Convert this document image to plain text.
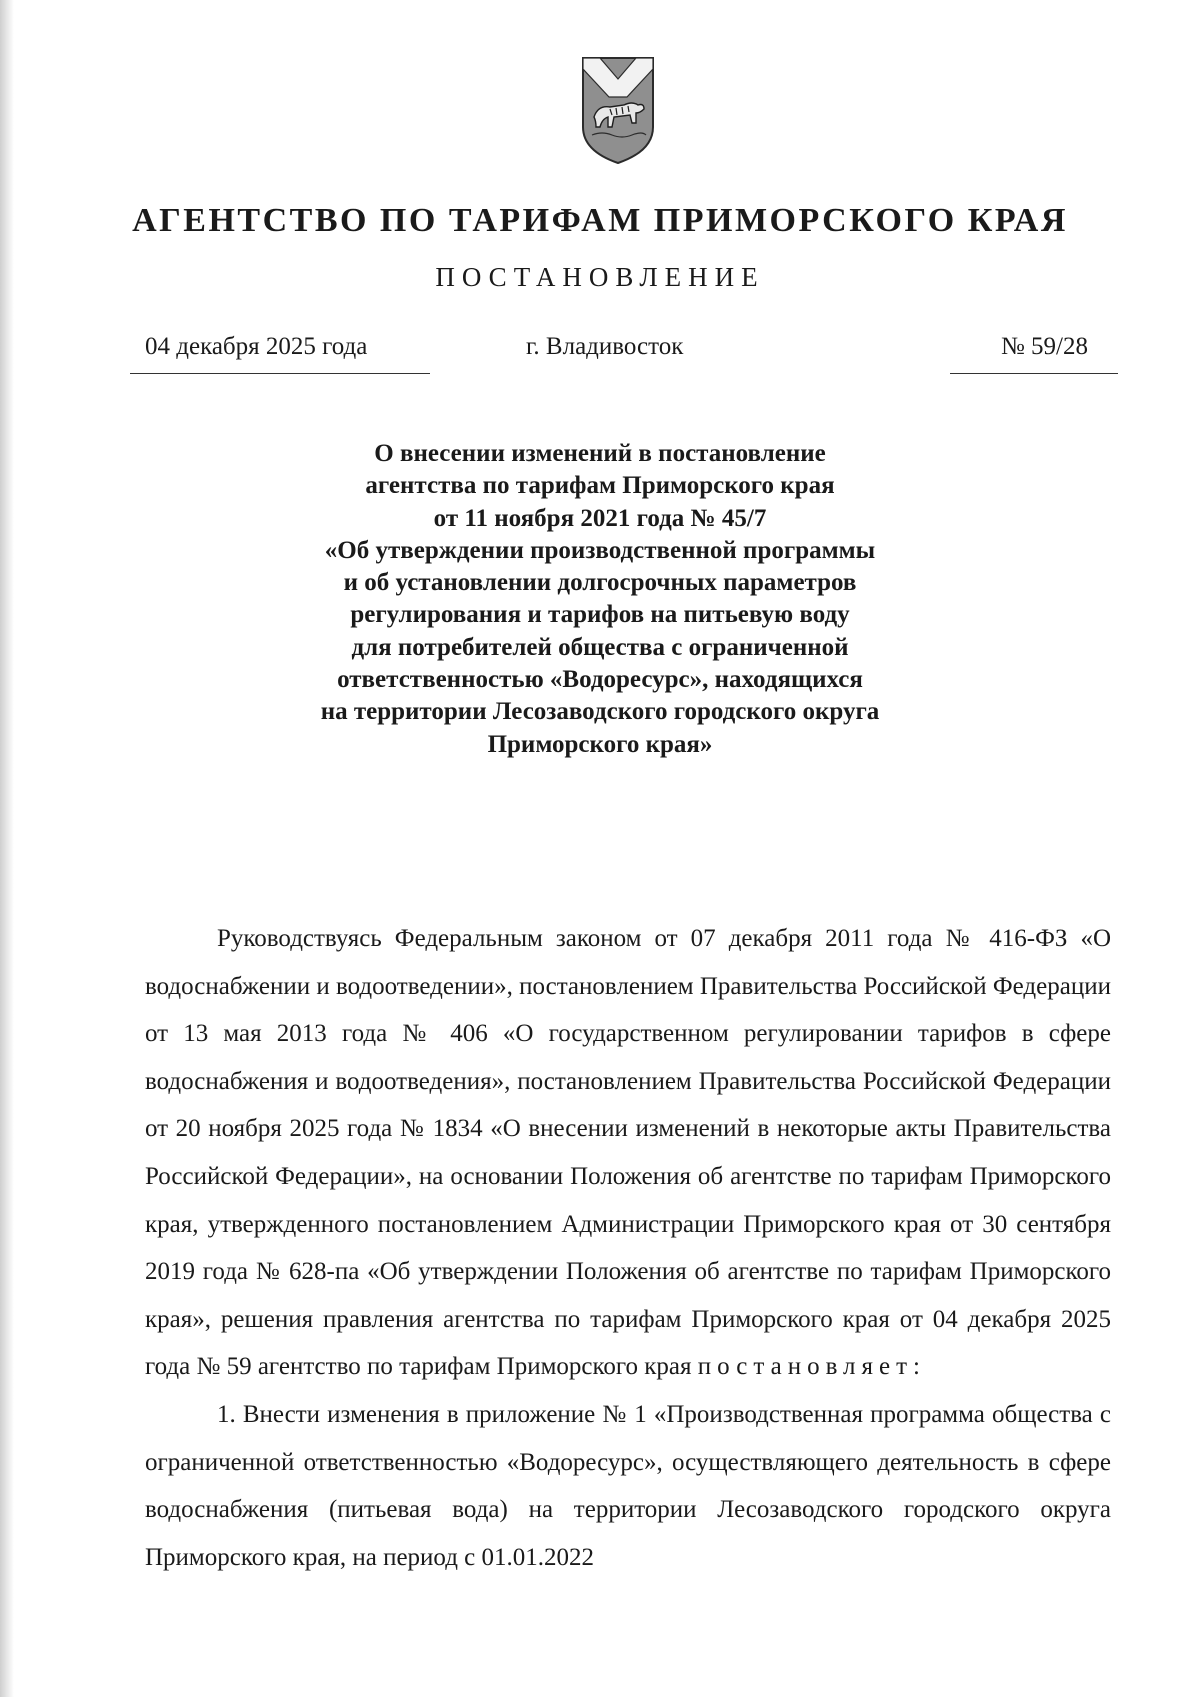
АГЕНТСТВО ПО ТАРИФАМ ПРИМОРСКОГО КРАЯ
ПОСТАНОВЛЕНИЕ
04 декабря 2025 года	г. Владивосток	№ 59/28
О внесении изменений в постановление
агентства по тарифам Приморского края
от 11 ноября 2021 года № 45/7
«Об утверждении производственной программы
и об установлении долгосрочных параметров
регулирования и тарифов на питьевую воду
для потребителей общества с ограниченной
ответственностью «Водоресурс», находящихся
на территории Лесозаводского городского округа
Приморского края»

Руководствуясь Федеральным законом от 07 декабря 2011 года № 416-ФЗ «О водоснабжении и водоотведении», постановлением Правительства Российской Федерации от 13 мая 2013 года № 406 «О государственном регулировании тарифов в сфере водоснабжения и водоотведения», постановлением Правительства Российской Федерации от 20 ноября 2025 года № 1834 «О внесении изменений в некоторые акты Правительства Российской Федерации», на основании Положения об агентстве по тарифам Приморского края, утвержденного постановлением Администрации Приморского края от 30 сентября 2019 года № 628-па «Об утверждении Положения об агентстве по тарифам Приморского края», решения правления агентства по тарифам Приморского края от 04 декабря 2025 года № 59 агентство по тарифам Приморского края постановляет:

1. Внести изменения в приложение № 1 «Производственная программа общества с ограниченной ответственностью «Водоресурс», осуществляющего деятельность в сфере водоснабжения (питьевая вода) на территории Лесозаводского городского округа Приморского края, на период с 01.01.2022
